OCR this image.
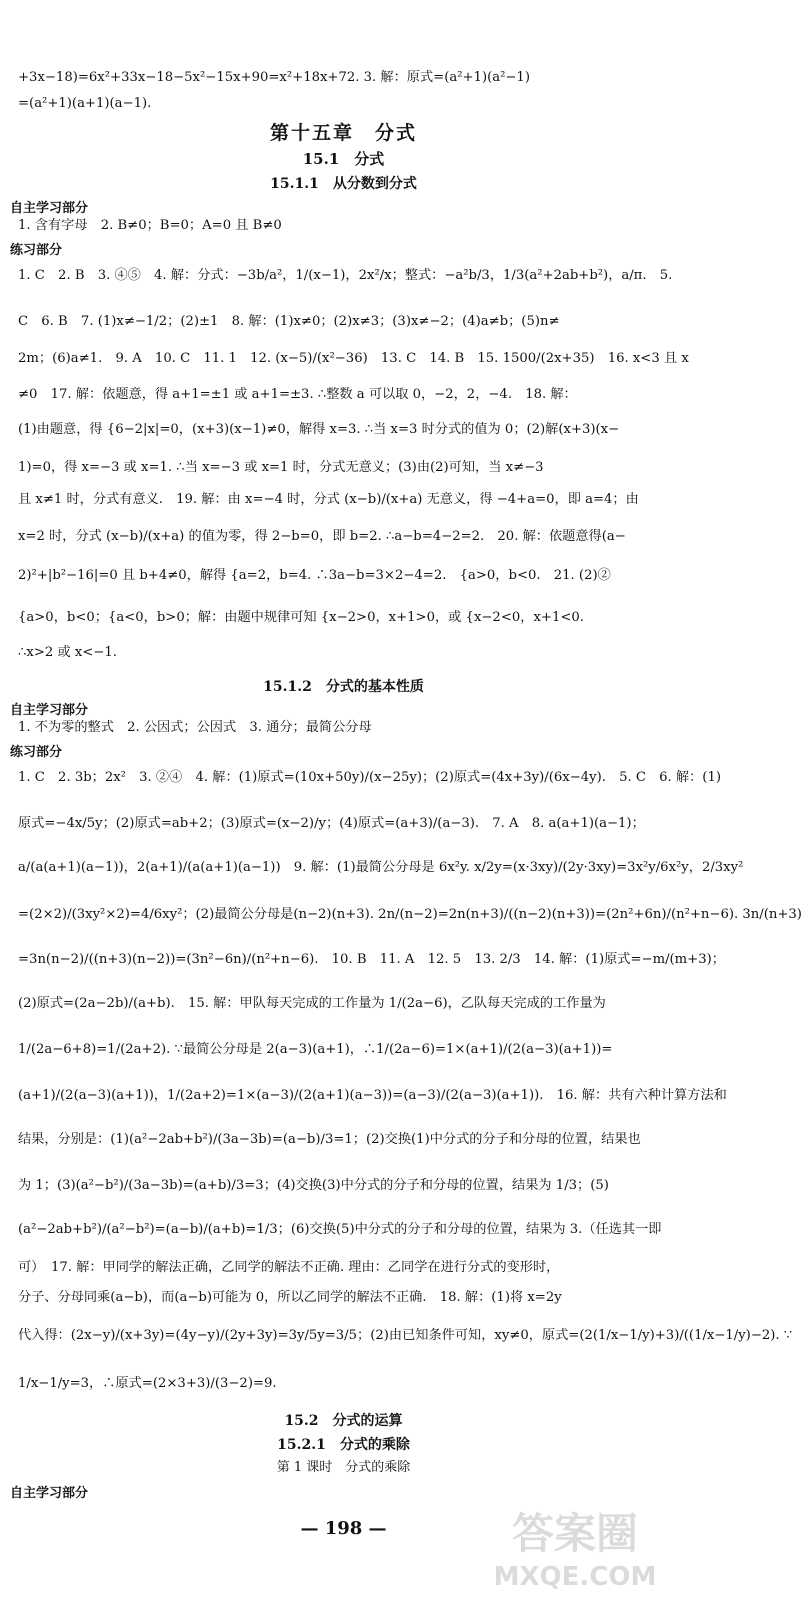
+3x−18)=6x²+33x−18−5x²−15x+90=x²+18x+72. 3. 解：原式=(a²+1)(a²−1)
=(a²+1)(a+1)(a−1).
第十五章　分式
15.1　分式
15.1.1　从分数到分式
自主学习部分
1. 含有字母　2. B≠0；B=0；A=0 且 B≠0
练习部分
1. C　2. B　3. ④⑤　4. 解：分式：−3b/a²，1/(x−1)，2x²/x；整式：−a²b/3，1/3(a²+2ab+b²)，a/π.　5.
C　6. B　7. (1)x≠−1/2；(2)±1　8. 解：(1)x≠0；(2)x≠3；(3)x≠−2；(4)a≠b；(5)n≠
2m；(6)a≠1.　9. A　10. C　11. 1　12. (x−5)/(x²−36)　13. C　14. B　15. 1500/(2x+35)　16. x<3 且 x
≠0　17. 解：依题意，得 a+1=±1 或 a+1=±3. ∴整数 a 可以取 0，−2，2，−4.　18. 解：
(1)由题意，得 {6−2|x|=0，(x+3)(x−1)≠0，解得 x=3. ∴当 x=3 时分式的值为 0；(2)解(x+3)(x−
1)=0，得 x=−3 或 x=1. ∴当 x=−3 或 x=1 时，分式无意义；(3)由(2)可知，当 x≠−3
且 x≠1 时，分式有意义.　19. 解：由 x=−4 时，分式 (x−b)/(x+a) 无意义，得 −4+a=0，即 a=4；由
x=2 时，分式 (x−b)/(x+a) 的值为零，得 2−b=0，即 b=2. ∴a−b=4−2=2.　20. 解：依题意得(a−
2)²+|b²−16|=0 且 b+4≠0，解得 {a=2，b=4. ∴3a−b=3×2−4=2.　{a>0，b<0.　21. (2)②
{a>0，b<0；{a<0，b>0；解：由题中规律可知 {x−2>0，x+1>0，或 {x−2<0，x+1<0.
∴x>2 或 x<−1.
15.1.2　分式的基本性质
自主学习部分
1. 不为零的整式　2. 公因式；公因式　3. 通分；最简公分母
练习部分
1. C　2. 3b；2x²　3. ②④　4. 解：(1)原式=(10x+50y)/(x−25y)；(2)原式=(4x+3y)/(6x−4y).　5. C　6. 解：(1)
原式=−4x/5y；(2)原式=ab+2；(3)原式=(x−2)/y；(4)原式=(a+3)/(a−3).　7. A　8. a(a+1)(a−1)；
a/(a(a+1)(a−1))，2(a+1)/(a(a+1)(a−1))　9. 解：(1)最简公分母是 6x²y. x/2y=(x·3xy)/(2y·3xy)=3x²y/6x²y，2/3xy²
=(2×2)/(3xy²×2)=4/6xy²；(2)最简公分母是(n−2)(n+3). 2n/(n−2)=2n(n+3)/((n−2)(n+3))=(2n²+6n)/(n²+n−6). 3n/(n+3)
=3n(n−2)/((n+3)(n−2))=(3n²−6n)/(n²+n−6).　10. B　11. A　12. 5　13. 2/3　14. 解：(1)原式=−m/(m+3)；
(2)原式=(2a−2b)/(a+b).　15. 解：甲队每天完成的工作量为 1/(2a−6)，乙队每天完成的工作量为
1/(2a−6+8)=1/(2a+2). ∵最简公分母是 2(a−3)(a+1)，∴1/(2a−6)=1×(a+1)/(2(a−3)(a+1))=
(a+1)/(2(a−3)(a+1))，1/(2a+2)=1×(a−3)/(2(a+1)(a−3))=(a−3)/(2(a−3)(a+1)).　16. 解：共有六种计算方法和
结果，分别是：(1)(a²−2ab+b²)/(3a−3b)=(a−b)/3=1；(2)交换(1)中分式的分子和分母的位置，结果也
为 1；(3)(a²−b²)/(3a−3b)=(a+b)/3=3；(4)交换(3)中分式的分子和分母的位置，结果为 1/3；(5)
(a²−2ab+b²)/(a²−b²)=(a−b)/(a+b)=1/3；(6)交换(5)中分式的分子和分母的位置，结果为 3.（任选其一即
可）　17. 解：甲同学的解法正确，乙同学的解法不正确. 理由：乙同学在进行分式的变形时，
分子、分母同乘(a−b)，而(a−b)可能为 0，所以乙同学的解法不正确.　18. 解：(1)将 x=2y
代入得：(2x−y)/(x+3y)=(4y−y)/(2y+3y)=3y/5y=3/5；(2)由已知条件可知，xy≠0，原式=(2(1/x−1/y)+3)/((1/x−1/y)−2). ∵
1/x−1/y=3，∴原式=(2×3+3)/(3−2)=9.
15.2　分式的运算
15.2.1　分式的乘除
第 1 课时　分式的乘除
自主学习部分
— 198 —	答案圈
MXQE.COM
